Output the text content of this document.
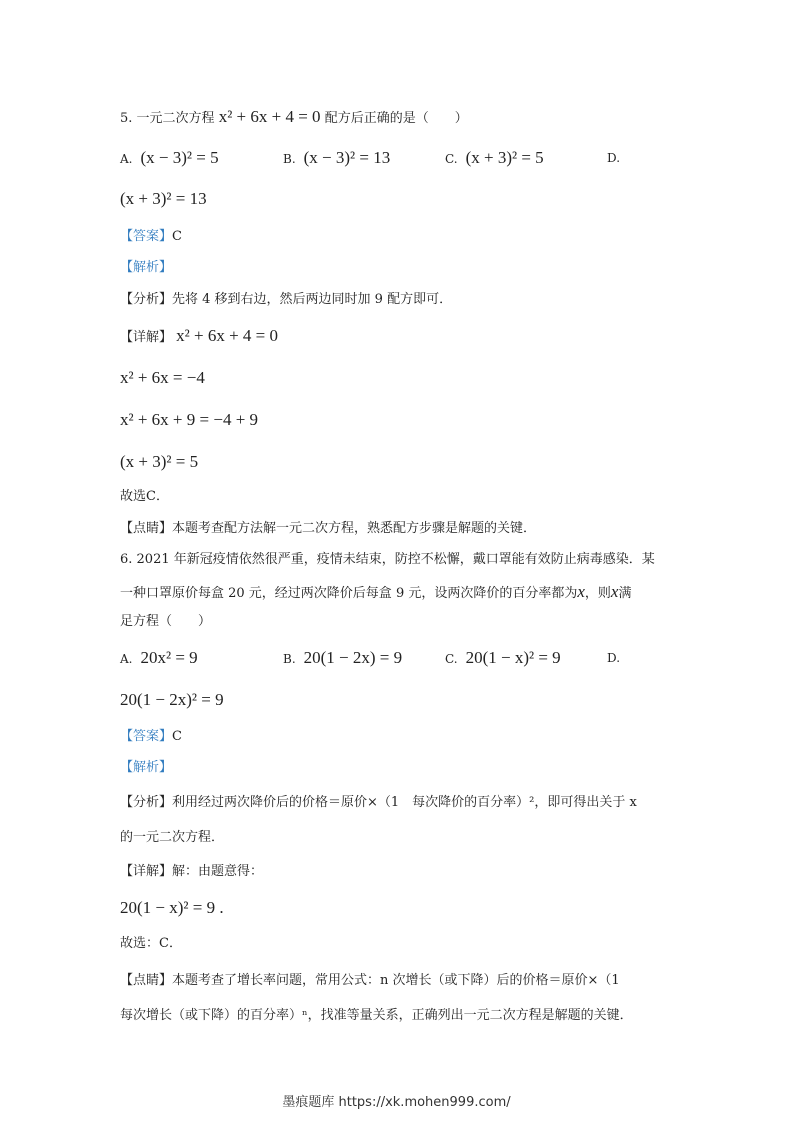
5. 一元二次方程 x² + 6x + 4 = 0 配方后正确的是（　　）
A. (x − 3)² = 5	B. (x − 3)² = 13	C. (x + 3)² = 5	D.
(x + 3)² = 13
【答案】C
【解析】
【分析】先将 4 移到右边，然后两边同时加 9 配方即可．
【详解】 x² + 6x + 4 = 0
x² + 6x = −4
x² + 6x + 9 = −4 + 9
(x + 3)² = 5
故选C．
【点睛】本题考查配方法解一元二次方程，熟悉配方步骤是解题的关键．
6. 2021 年新冠疫情依然很严重，疫情未结束，防控不松懈，戴口罩能有效防止病毒感染．某
一种口罩原价每盒 20 元，经过两次降价后每盒 9 元，设两次降价的百分率都为x，则x满
足方程（　　）
A. 20x² = 9	B. 20(1 − 2x) = 9	C. 20(1 − x)² = 9	D.
20(1 − 2x)² = 9
【答案】C
【解析】
【分析】利用经过两次降价后的价格＝原价×（1　每次降价的百分率）²，即可得出关于 x
的一元二次方程．
【详解】解：由题意得：
20(1 − x)² = 9 .
故选：C．
【点睛】本题考查了增长率问题，常用公式：n 次增长（或下降）后的价格＝原价×（1
每次增长（或下降）的百分率）ⁿ，找准等量关系，正确列出一元二次方程是解题的关键．
墨痕题库 https://xk.mohen999.com/
